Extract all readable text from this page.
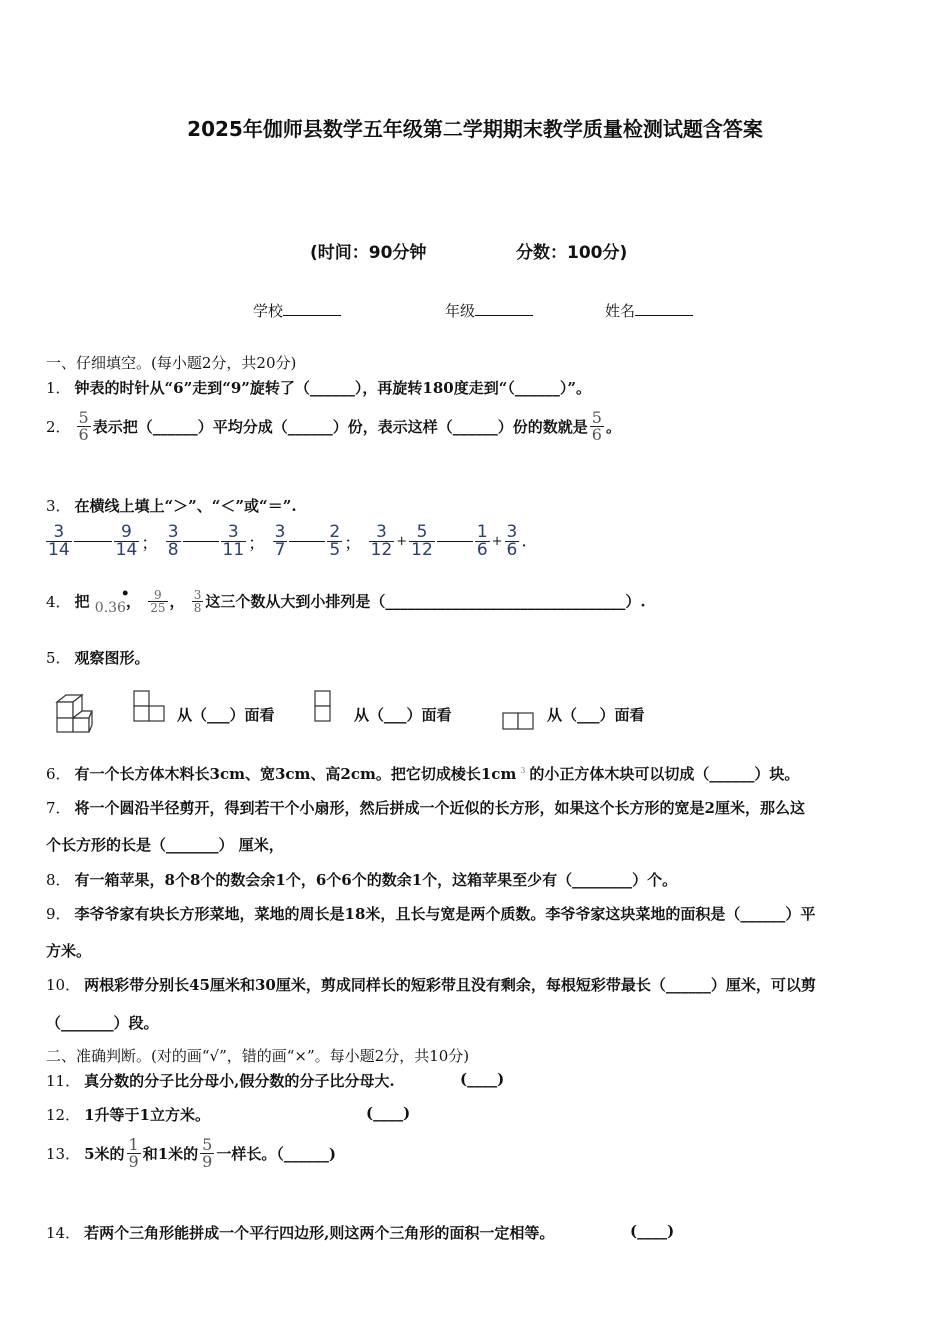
2025年伽师县数学五年级第二学期期末教学质量检测试题含答案
(时间：90分钟	分数：100分)
学校	年级	姓名
一、仔细填空。(每小题2分，共20分)
1． 钟表的时针从“6”走到“9”旋转了（______），再旋转180度走到“（______）”。
2． $\frac{5}{6}$ 表示把（______）平均分成（______）份，表示这样（______）份的数就是 $\frac{5}{6}$ 。
3． 在横线上填上“＞”、“＜”或“＝”.
$\frac{3}{14} \frac{9}{14}$ ； $\frac{3}{8} \frac{3}{11}$ ； $\frac{3}{7} \frac{2}{5}$ ； $\frac{3}{12} + \frac{5}{12} \frac{1}{6} + \frac{3}{6}$ .
4． 把 0.36
•
， $\frac{9}{25}$ ， $\frac{3}{8}$ 这三个数从大到小排列是（________________________________）.
5． 观察图形。
从（___）面看	从（___）面看	从（___）面看
6． 有一个长方体木料长3cm、宽3cm、高2cm。把它切成棱长1cm $^3$ 的小正方体木块可以切成（______）块。
7． 将一个圆沿半径剪开，得到若干个小扇形，然后拼成一个近似的长方形，如果这个长方形的宽是2厘米，那么这
个长方形的长是（_______） 厘米，
8． 有一箱苹果，8个8个的数会余1个，6个6个的数余1个，这箱苹果至少有（________）个。
9． 李爷爷家有块长方形菜地，菜地的周长是18米，且长与宽是两个质数。李爷爷家这块菜地的面积是（______）平
方米。
10． 两根彩带分别长45厘米和30厘米，剪成同样长的短彩带且没有剩余，每根短彩带最长（______）厘米，可以剪
（_______）段。
二、准确判断。(对的画“√”，错的画“×”。每小题2分，共10分)
11． 真分数的分子比分母小,假分数的分子比分母大.	(____)
12． 1升等于1立方米。	(____)
13． 5米的 $\frac{1}{9}$ 和1米的 $\frac{5}{9}$ 一样长。（______)
14． 若两个三角形能拼成一个平行四边形,则这两个三角形的面积一定相等。	(____)
